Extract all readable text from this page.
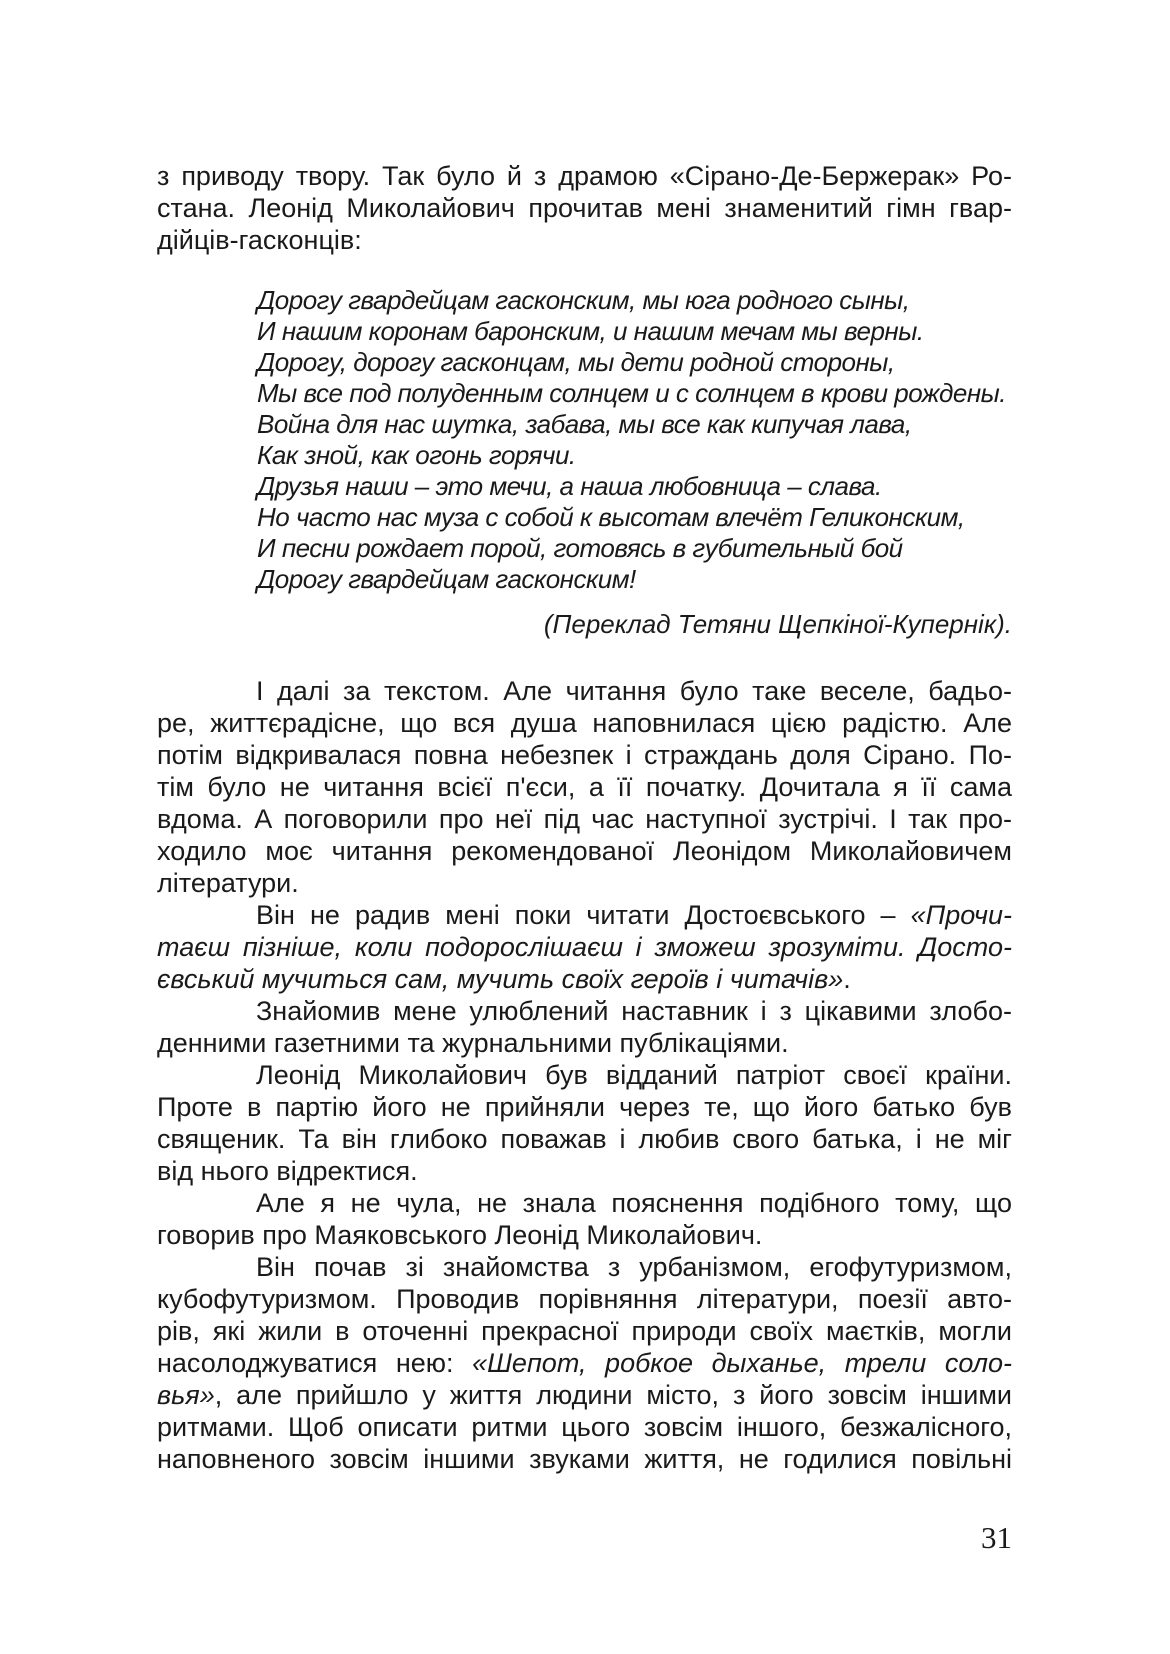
з приводу твору. Так було й з драмою «Сірано-Де-Бержерак» Ро-
стана. Леонід Миколайович прочитав мені знаменитий гімн гвар-
дійців-гасконців:
Дорогу гвардейцам гасконским, мы юга родного сыны,
И нашим коронам баронским, и нашим мечам мы верны.
Дорогу, дорогу гасконцам, мы дети родной стороны,
Мы все под полуденным солнцем и с солнцем в крови рождены.
Война для нас шутка, забава, мы все как кипучая лава,
Как зной, как огонь горячи.
Друзья наши – это мечи, а наша любовница – слава.
Но часто нас муза с собой к высотам влечёт Геликонским,
И песни рождает порой, готовясь в губительный бой
Дорогу гвардейцам гасконским!
(Переклад Тетяни Щепкіної-Купернік).
І далі за текстом. Але читання було таке веселе, бадьо-
ре, життєрадісне, що вся душа наповнилася цією радістю. Але
потім відкривалася повна небезпек і страждань доля Сірано. По-
тім було не читання всієї п'єси, а її початку. Дочитала я її сама
вдома. А поговорили про неї під час наступної зустрічі. І так про-
ходило моє читання рекомендованої Леонідом Миколайовичем
літератури.
Він не радив мені поки читати Достоєвського – «Прочи-
таєш пізніше, коли подорослішаєш і зможеш зрозуміти. Досто-
євський мучиться сам, мучить своїх героїв і читачів».
Знайомив мене улюблений наставник і з цікавими злобо-
денними газетними та журнальними публікаціями.
Леонід Миколайович був відданий патріот своєї країни.
Проте в партію його не прийняли через те, що його батько був
священик. Та він глибоко поважав і любив свого батька, і не міг
від нього відректися.
Але я не чула, не знала пояснення подібного тому, що
говорив про Маяковського Леонід Миколайович.
Він почав зі знайомства з урбанізмом, егофутуризмом,
кубофутуризмом. Проводив порівняння літератури, поезії авто-
рів, які жили в оточенні прекрасної природи своїх маєтків, могли
насолоджуватися нею: «Шепот, робкое дыханье, трели соло-
вья», але прийшло у життя людини місто, з його зовсім іншими
ритмами. Щоб описати ритми цього зовсім іншого, безжалісного,
наповненого зовсім іншими звуками життя, не годилися повільні
31
